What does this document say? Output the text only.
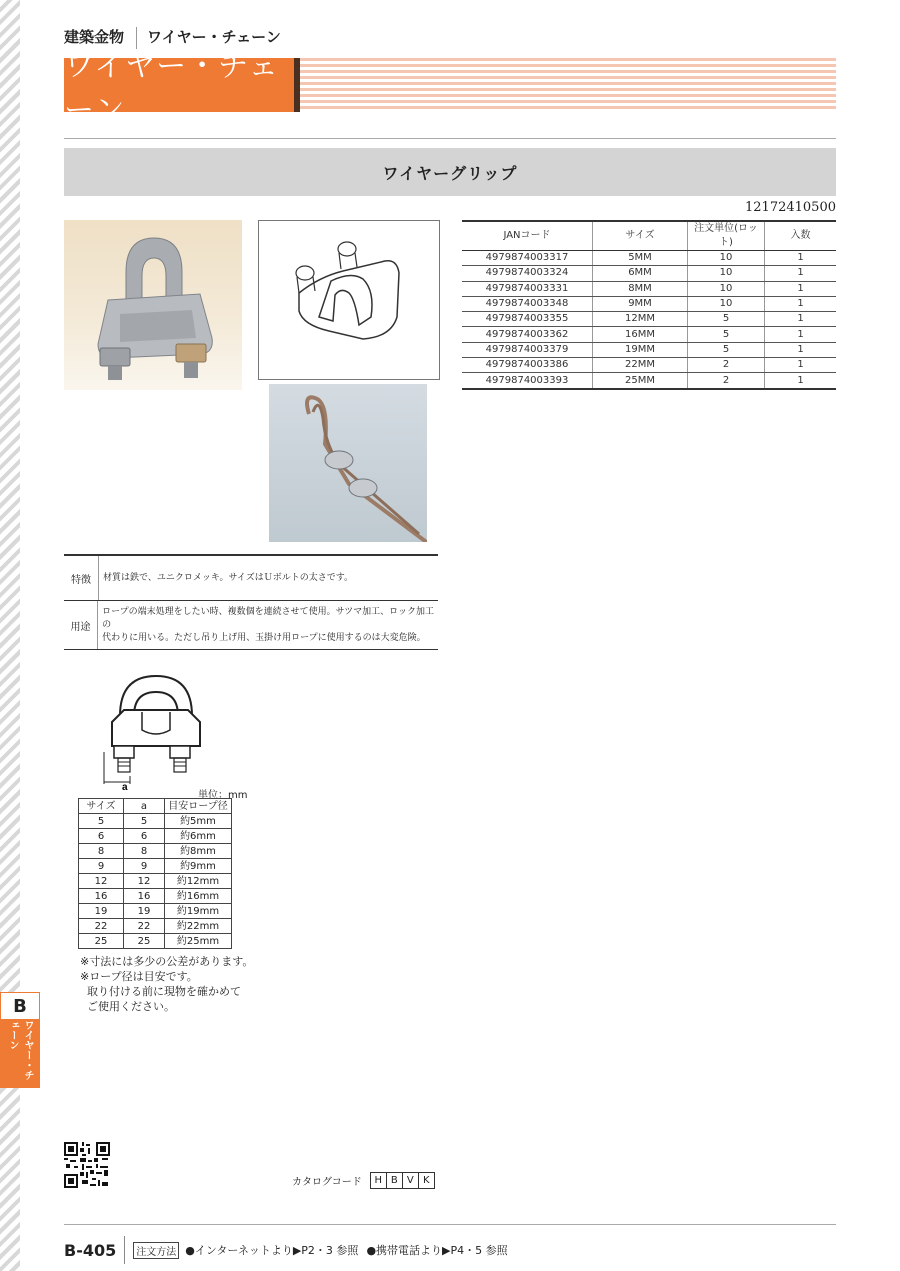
建築金物 ワイヤー・チェーン
ワイヤー・チェーン
ワイヤーグリップ
12172410500
JANコード	サイズ	注文単位(ロット)	入数
4979874003317	5MM	10	1
4979874003324	6MM	10	1
4979874003331	8MM	10	1
4979874003348	9MM	10	1
4979874003355	12MM	5	1
4979874003362	16MM	5	1
4979874003379	19MM	5	1
4979874003386	22MM	2	1
4979874003393	25MM	2	1
特徴	材質は鉄で、ユニクロメッキ。サイズはＵボルトの太さです。
用途
ロープの端末処理をしたい時、複数個を連続させて使用。サツマ加工、ロック加工の
代わりに用いる。ただし吊り上げ用、玉掛け用ロープに使用するのは大変危険。
a
単位：mm
サイズ	a	目安ロープ径
5	5	約5mm
6	6	約6mm
8	8	約8mm
9	9	約9mm
12	12	約12mm
16	16	約16mm
19	19	約19mm
22	22	約22mm
25	25	約25mm
※寸法には多少の公差があります。
※ロープ径は目安です。
取り付ける前に現物を確かめて
ご使用ください。
B
ワイヤー・チェーン
カタログコード	H B V K
B-405	注文方法 ●インターネットより▶P2・3 参照 ●携帯電話より▶P4・5 参照
